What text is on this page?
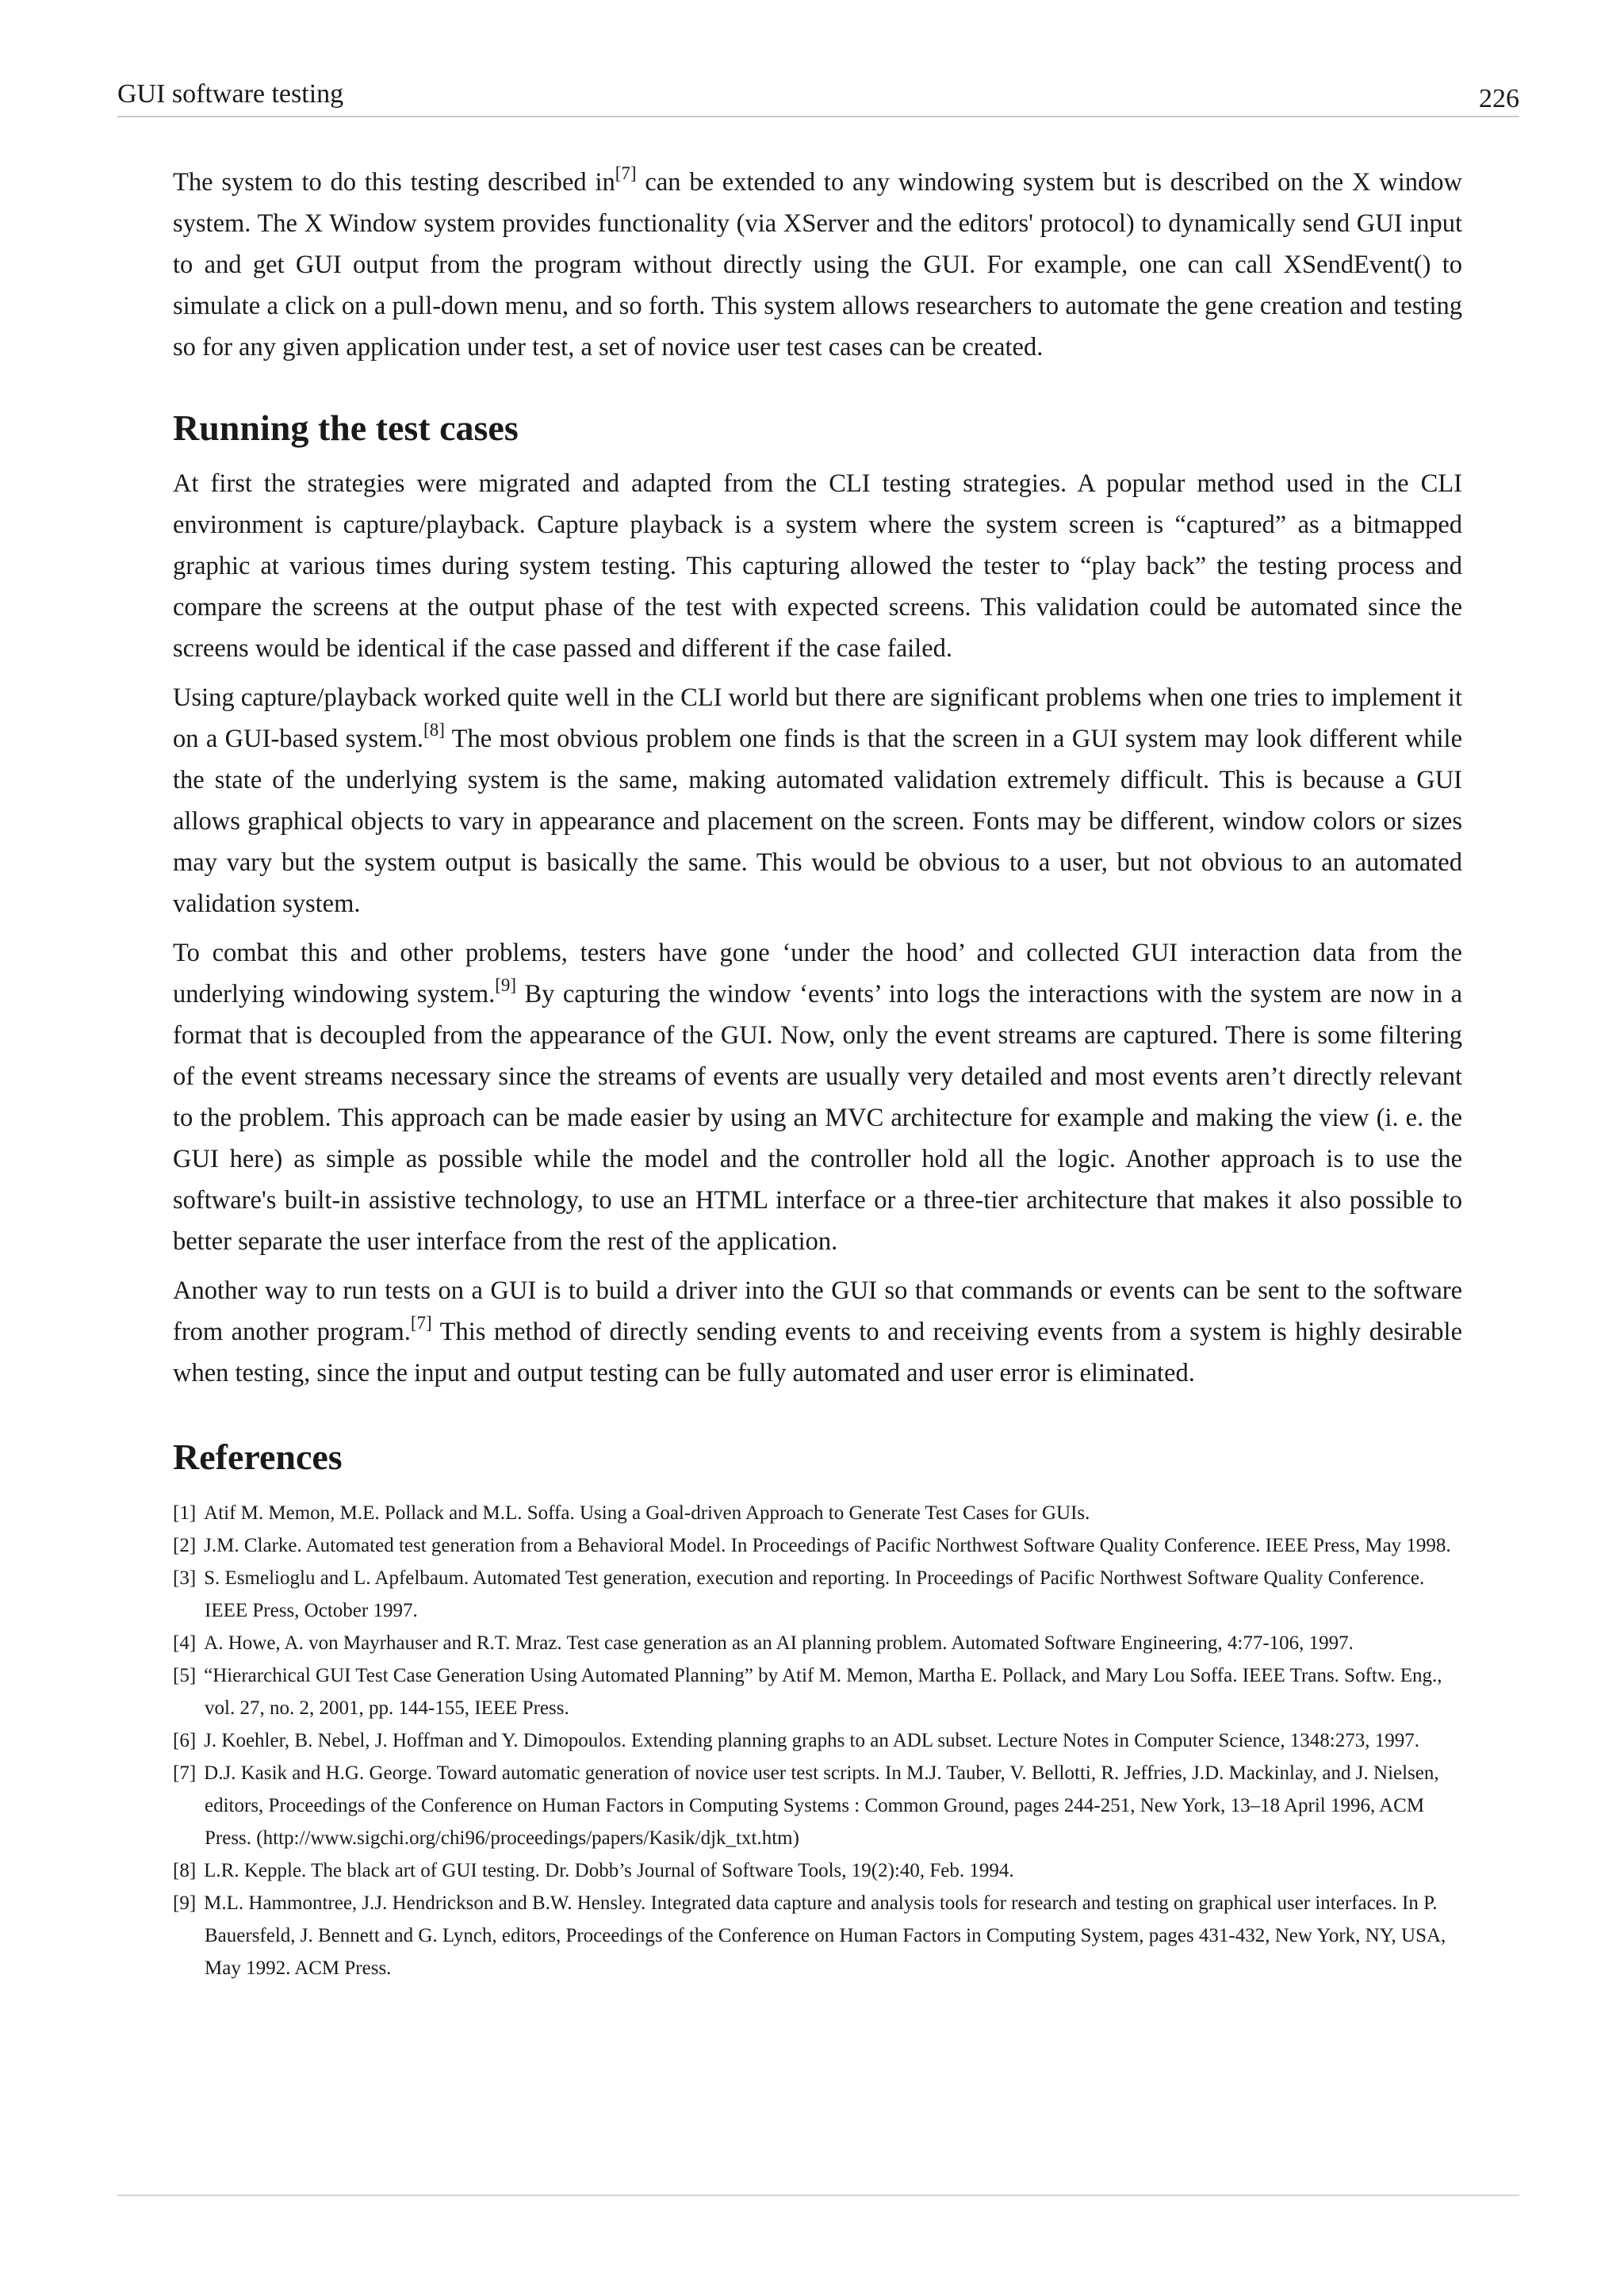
GUI software testing	226

The system to do this testing described in[7] can be extended to any windowing system but is described on the X window system. The X Window system provides functionality (via XServer and the editors' protocol) to dynamically send GUI input to and get GUI output from the program without directly using the GUI. For example, one can call XSendEvent() to simulate a click on a pull-down menu, and so forth. This system allows researchers to automate the gene creation and testing so for any given application under test, a set of novice user test cases can be created.

Running the test cases

At first the strategies were migrated and adapted from the CLI testing strategies. A popular method used in the CLI environment is capture/playback. Capture playback is a system where the system screen is “captured” as a bitmapped graphic at various times during system testing. This capturing allowed the tester to “play back” the testing process and compare the screens at the output phase of the test with expected screens. This validation could be automated since the screens would be identical if the case passed and different if the case failed.

Using capture/playback worked quite well in the CLI world but there are significant problems when one tries to implement it on a GUI-based system.[8] The most obvious problem one finds is that the screen in a GUI system may look different while the state of the underlying system is the same, making automated validation extremely difficult. This is because a GUI allows graphical objects to vary in appearance and placement on the screen. Fonts may be different, window colors or sizes may vary but the system output is basically the same. This would be obvious to a user, but not obvious to an automated validation system.

To combat this and other problems, testers have gone ‘under the hood’ and collected GUI interaction data from the underlying windowing system.[9] By capturing the window ‘events’ into logs the interactions with the system are now in a format that is decoupled from the appearance of the GUI. Now, only the event streams are captured. There is some filtering of the event streams necessary since the streams of events are usually very detailed and most events aren’t directly relevant to the problem. This approach can be made easier by using an MVC architecture for example and making the view (i. e. the GUI here) as simple as possible while the model and the controller hold all the logic. Another approach is to use the software's built-in assistive technology, to use an HTML interface or a three-tier architecture that makes it also possible to better separate the user interface from the rest of the application.

Another way to run tests on a GUI is to build a driver into the GUI so that commands or events can be sent to the software from another program.[7] This method of directly sending events to and receiving events from a system is highly desirable when testing, since the input and output testing can be fully automated and user error is eliminated.

References
[1] Atif M. Memon, M.E. Pollack and M.L. Soffa. Using a Goal-driven Approach to Generate Test Cases for GUIs.
[2] J.M. Clarke. Automated test generation from a Behavioral Model. In Proceedings of Pacific Northwest Software Quality Conference. IEEE Press, May 1998.
[3] S. Esmelioglu and L. Apfelbaum. Automated Test generation, execution and reporting. In Proceedings of Pacific Northwest Software Quality Conference. IEEE Press, October 1997.
[4] A. Howe, A. von Mayrhauser and R.T. Mraz. Test case generation as an AI planning problem. Automated Software Engineering, 4:77-106, 1997.
[5] “Hierarchical GUI Test Case Generation Using Automated Planning” by Atif M. Memon, Martha E. Pollack, and Mary Lou Soffa. IEEE Trans. Softw. Eng., vol. 27, no. 2, 2001, pp. 144-155, IEEE Press.
[6] J. Koehler, B. Nebel, J. Hoffman and Y. Dimopoulos. Extending planning graphs to an ADL subset. Lecture Notes in Computer Science, 1348:273, 1997.
[7] D.J. Kasik and H.G. George. Toward automatic generation of novice user test scripts. In M.J. Tauber, V. Bellotti, R. Jeffries, J.D. Mackinlay, and J. Nielsen, editors, Proceedings of the Conference on Human Factors in Computing Systems : Common Ground, pages 244-251, New York, 13–18 April 1996, ACM Press. (http://www.sigchi.org/chi96/proceedings/papers/Kasik/djk_txt.htm)
[8] L.R. Kepple. The black art of GUI testing. Dr. Dobb’s Journal of Software Tools, 19(2):40, Feb. 1994.
[9] M.L. Hammontree, J.J. Hendrickson and B.W. Hensley. Integrated data capture and analysis tools for research and testing on graphical user interfaces. In P. Bauersfeld, J. Bennett and G. Lynch, editors, Proceedings of the Conference on Human Factors in Computing System, pages 431-432, New York, NY, USA, May 1992. ACM Press.
